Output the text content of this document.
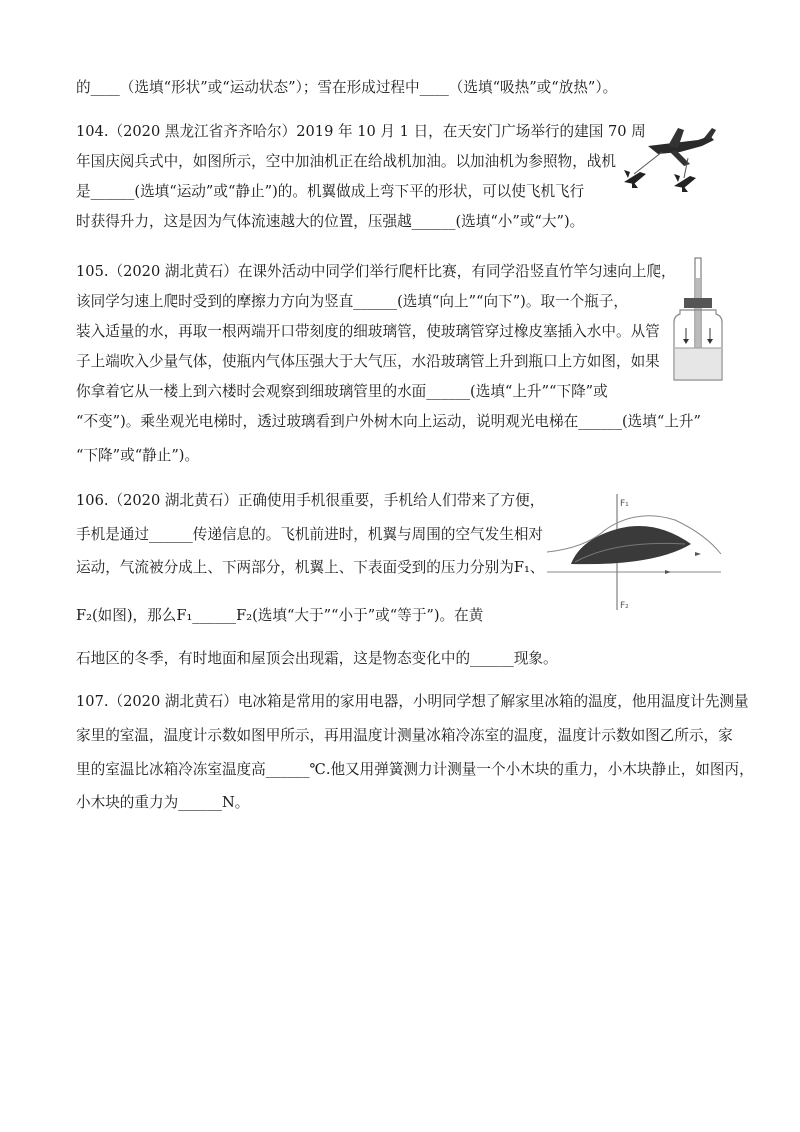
的____（选填“形状”或“运动状态”）；雪在形成过程中____（选填“吸热”或“放热”）。
104.（2020 黑龙江省齐齐哈尔）2019 年 10 月 1 日，在天安门广场举行的建国 70 周
年国庆阅兵式中，如图所示，空中加油机正在给战机加油。以加油机为参照物，战机
是______(选填“运动”或“静止”)的。机翼做成上弯下平的形状，可以使飞机飞行
时获得升力，这是因为气体流速越大的位置，压强越______(选填“小”或“大”)。
105.（2020 湖北黄石）在课外活动中同学们举行爬杆比赛，有同学沿竖直竹竿匀速向上爬，
该同学匀速上爬时受到的摩擦力方向为竖直______(选填“向上”“向下”)。取一个瓶子，
装入适量的水，再取一根两端开口带刻度的细玻璃管，使玻璃管穿过橡皮塞插入水中。从管
子上端吹入少量气体，使瓶内气体压强大于大气压，水沿玻璃管上升到瓶口上方如图，如果
你拿着它从一楼上到六楼时会观察到细玻璃管里的水面______(选填“上升”“下降”或
“不变”)。乘坐观光电梯时，透过玻璃看到户外树木向上运动，说明观光电梯在______(选填“上升”
“下降”或“静止”)。
106.（2020 湖北黄石）正确使用手机很重要，手机给人们带来了方便，
手机是通过______传递信息的。飞机前进时，机翼与周围的空气发生相对
运动，气流被分成上、下两部分，机翼上、下表面受到的压力分别为F₁、
F₂(如图)，那么F₁______F₂(选填“大于”“小于”或“等于”)。在黄
石地区的冬季，有时地面和屋顶会出现霜，这是物态变化中的______现象。
F₁
F₂
107.（2020 湖北黄石）电冰箱是常用的家用电器，小明同学想了解家里冰箱的温度，他用温度计先测量
家里的室温，温度计示数如图甲所示，再用温度计测量冰箱冷冻室的温度，温度计示数如图乙所示，家
里的室温比冰箱冷冻室温度高______℃.他又用弹簧测力计测量一个小木块的重力，小木块静止，如图丙，
小木块的重力为______N。
